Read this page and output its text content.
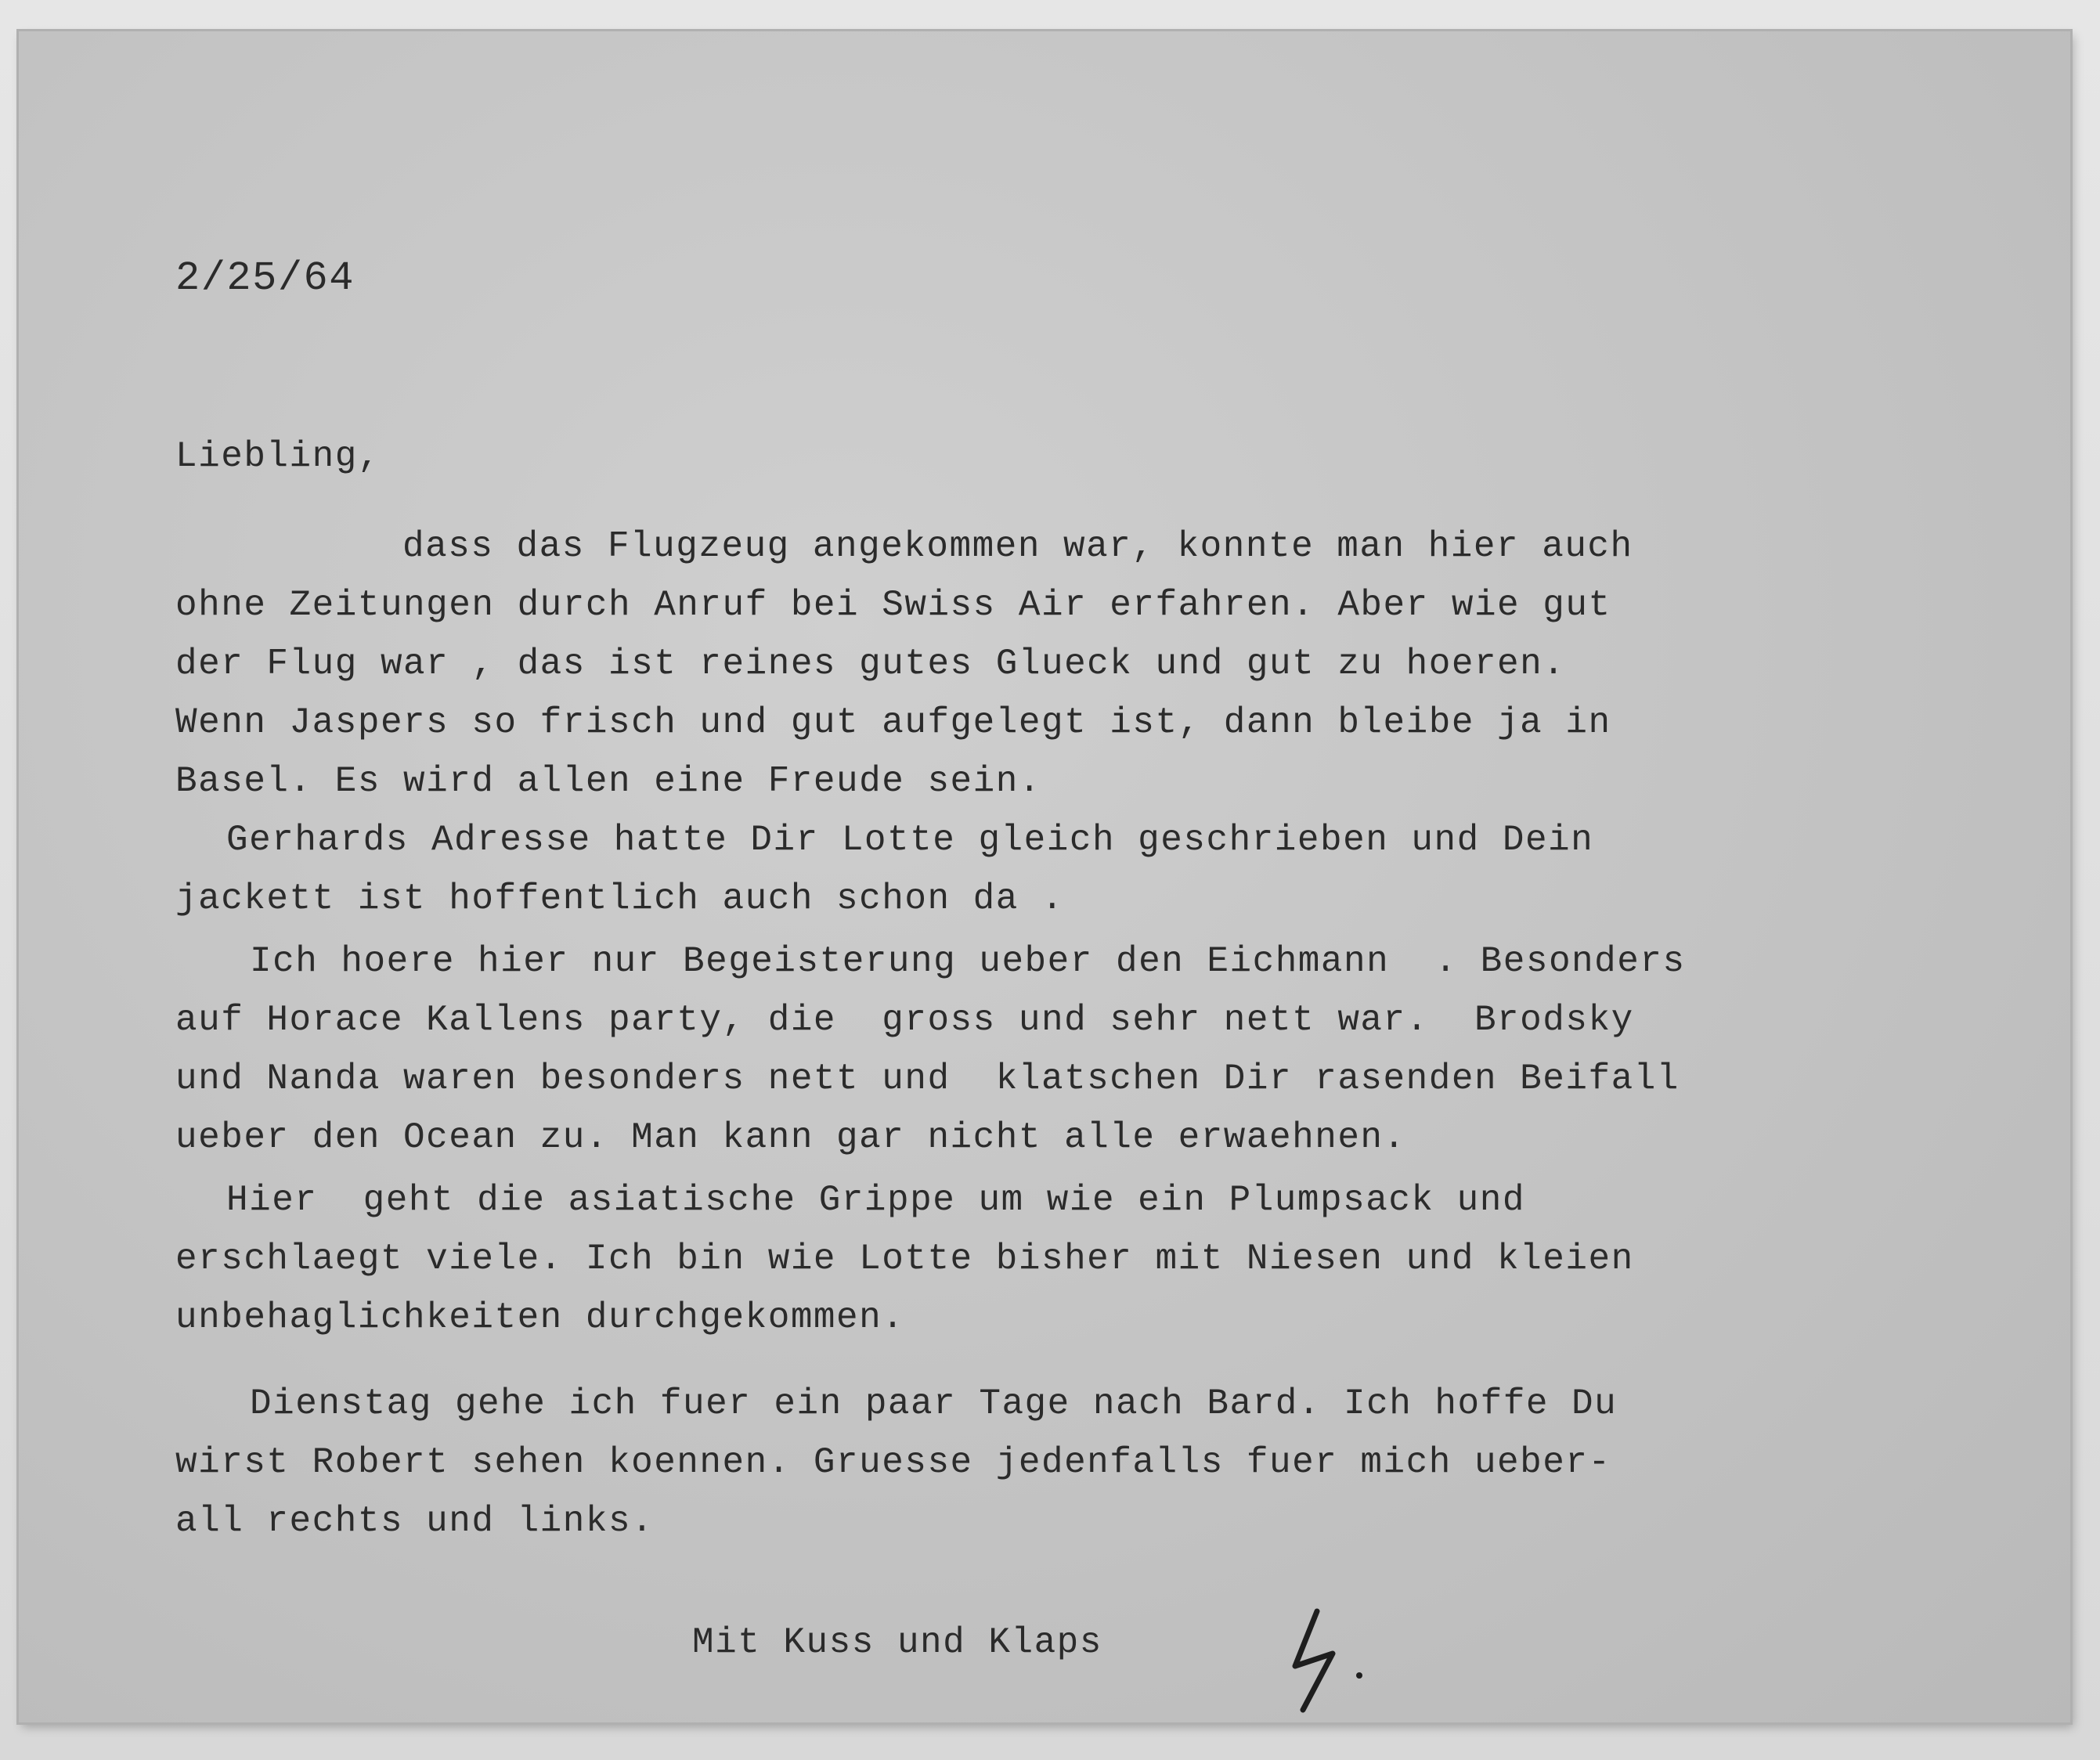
2/25/64
Liebling,
dass das Flugzeug angekommen war, konnte man hier auch
ohne Zeitungen durch Anruf bei Swiss Air erfahren. Aber wie gut
der Flug war , das ist reines gutes Glueck und gut zu hoeren.
Wenn Jaspers so frisch und gut aufgelegt ist, dann bleibe ja in
Basel. Es wird allen eine Freude sein.
Gerhards Adresse hatte Dir Lotte gleich geschrieben und Dein
jackett ist hoffentlich auch schon da .
Ich hoere hier nur Begeisterung ueber den Eichmann  . Besonders
auf Horace Kallens party, die  gross und sehr nett war.  Brodsky
und Nanda waren besonders nett und  klatschen Dir rasenden Beifall
ueber den Ocean zu. Man kann gar nicht alle erwaehnen.
Hier  geht die asiatische Grippe um wie ein Plumpsack und
erschlaegt viele. Ich bin wie Lotte bisher mit Niesen und kleien
unbehaglichkeiten durchgekommen.
Dienstag gehe ich fuer ein paar Tage nach Bard. Ich hoffe Du
wirst Robert sehen koennen. Gruesse jedenfalls fuer mich ueber-
all rechts und links.
Mit Kuss und Klaps
